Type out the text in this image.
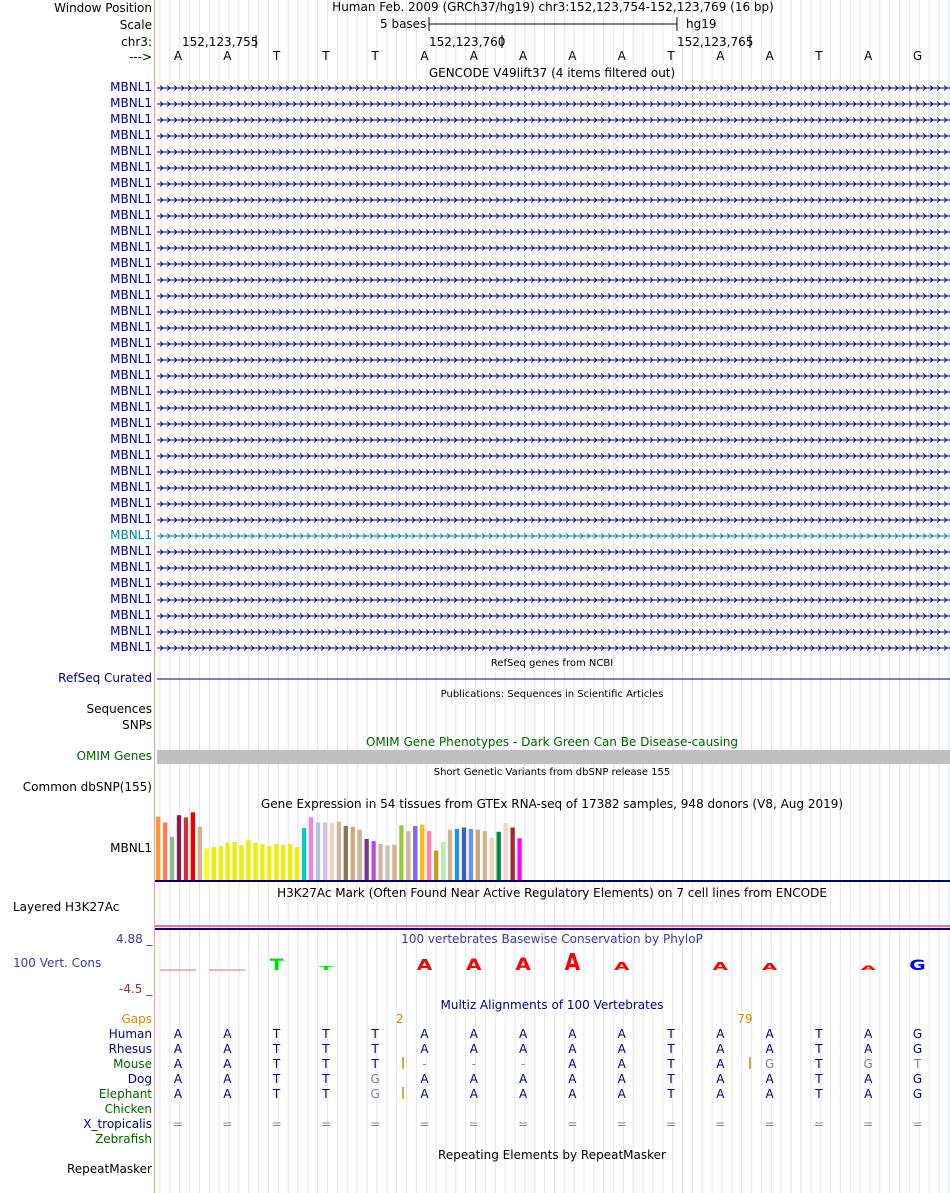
Window Position
Scale
chr3:
--->
Human Feb. 2009 (GRCh37/hg19) chr3:152,123,754-152,123,769 (16 bp)
5 bases	hg19
152,123,755	152,123,760	152,123,765
A	A	T	T	T	A	A	A	A	A	T	A	A	T	A	G
GENCODE V49lift37 (4 items filtered out)
MBNL1
MBNL1
MBNL1
MBNL1
MBNL1
MBNL1
MBNL1
MBNL1
MBNL1
MBNL1
MBNL1
MBNL1
MBNL1
MBNL1
MBNL1
MBNL1
MBNL1
MBNL1
MBNL1
MBNL1
MBNL1
MBNL1
MBNL1
MBNL1
MBNL1
MBNL1
MBNL1
MBNL1
MBNL1
MBNL1
MBNL1
MBNL1
MBNL1
MBNL1
MBNL1
MBNL1
RefSeq genes from NCBI
RefSeq Curated
Publications: Sequences in Scientific Articles
Sequences
SNPs
OMIM Gene Phenotypes - Dark Green Can Be Disease-causing
OMIM Genes
Short Genetic Variants from dbSNP release 155
Common dbSNP(155)
Gene Expression in 54 tissues from GTEx RNA-seq of 17382 samples, 948 donors (V8, Aug 2019)
MBNL1
H3K27Ac Mark (Often Found Near Active Regulatory Elements) on 7 cell lines from ENCODE
Layered H3K27Ac
100 vertebrates Basewise Conservation by PhyloP
4.88 _
100 Vert. Cons
-4.5 _
Multiz Alignments of 100 Vertebrates
Gaps
Human A	A	T	T	T	A	A	A	A	A	T	A	A	T	A	G
Rhesus A	A	T	T	T	A	A	A	A	A	T	A	A	T	A	G
Mouse A	A	T	T	T	-	-	-	A	A	T	A	G	T	G	T
Dog A	A	T	T	G	A	A	A	A	A	T	A	A	T	A	G
Elephant A	A	T	T	G	A	A	A	A	A	T	A	A	T	A	G
Chicken
X_tropicalis =	=	=	=	=	=	=	=	=	=	=	=	=	=	=	=
Zebrafish
2	79
Repeating Elements by RepeatMasker
RepeatMasker
T T	A A A A A	A A	A G
